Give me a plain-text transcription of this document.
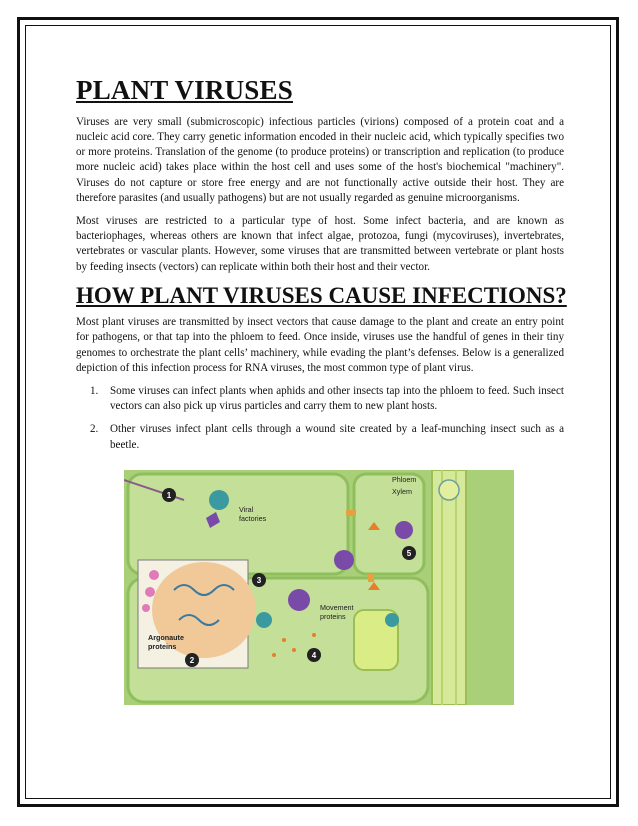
PLANT VIRUSES

Viruses are very small (submicroscopic) infectious particles (virions) composed of a protein coat and a nucleic acid core. They carry genetic information encoded in their nucleic acid, which typically specifies two or more proteins. Translation of the genome (to produce proteins) or transcription and replication (to produce more nucleic acid) takes place within the host cell and uses some of the host's biochemical "machinery". Viruses do not capture or store free energy and are not functionally active outside their host. They are therefore parasites (and usually pathogens) but are not usually regarded as genuine microorganisms.

Most viruses are restricted to a particular type of host. Some infect bacteria, and are known as bacteriophages, whereas others are known that infect algae, protozoa, fungi (mycoviruses), invertebrates, vertebrates or vascular plants. However, some viruses that are transmitted between vertebrate or plant hosts by feeding insects (vectors) can replicate within both their host and their vector.

HOW PLANT VIRUSES CAUSE INFECTIONS?

Most plant viruses are transmitted by insect vectors that cause damage to the plant and create an entry point for pathogens, or that tap into the phloem to feed. Once inside, viruses use the handful of genes in their tiny genomes to orchestrate the plant cells’ machinery, while evading the plant’s defenses. Below is a generalized depiction of this infection process for RNA viruses, the most common type of plant virus.

1. Some viruses can infect plants when aphids and other insects tap into the phloem to feed. Such insect vectors can also pick up virus particles and carry them to new plant hosts.
2. Other viruses infect plant cells through a wound site created by a leaf-munching insect such as a beetle.
1
2
3
4
5
Phloem
Xylem
Viral
factories
Movement
proteins
Argonaute
proteins
